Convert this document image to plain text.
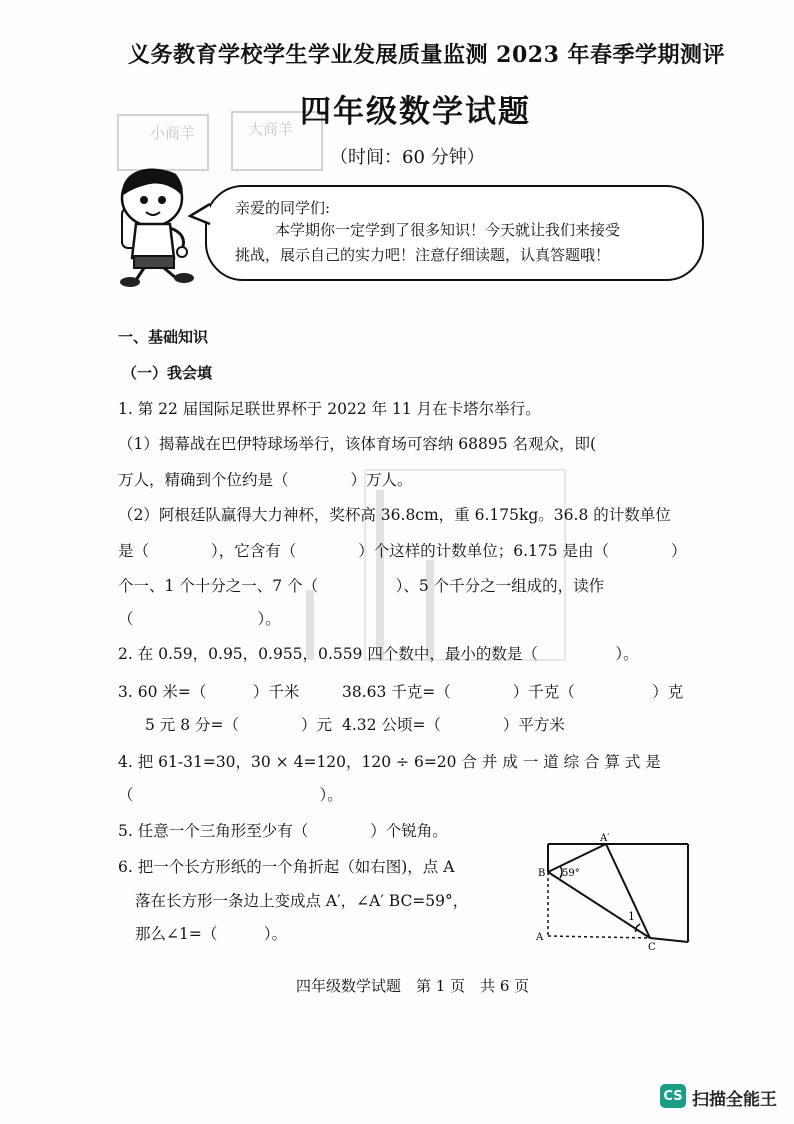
小商羊	大商羊
义务教育学校学生学业发展质量监测 2023 年春季学期测评
四年级数学试题
（时间：60 分钟）
亲爱的同学们:
本学期你一定学到了很多知识！今天就让我们来接受
挑战，展示自己的实力吧！注意仔细读题，认真答题哦！
一、基础知识
（一）我会填
1. 第 22 届国际足联世界杯于 2022 年 11 月在卡塔尔举行。
（1）揭幕战在巴伊特球场举行，该体育场可容纳 68895 名观众，即(
万人，精确到个位约是（　　　　）万人。
（2）阿根廷队赢得大力神杯，奖杯高 36.8cm，重 6.175kg。36.8 的计数单位
是（　　　　），它含有（　　　　）个这样的计数单位；6.175 是由（　　　　）
个一、1 个十分之一、7 个（　　　　　）、5 个千分之一组成的，读作
（　　　　　　　　）。
2. 在 0.59，0.95，0.955，0.559 四个数中，最小的数是（　　　　　）。
3. 60 米=（　　　）千米	38.63 千克=（　　　　）千克（　　　　　）克
5 元 8 分=（　　　　）元 4.32 公顷=（　　　　）平方米
4. 把 61-31=30，30 × 4=120，120 ÷ 6=20 合 并 成 一 道 综 合 算 式 是
（　　　　　　　　　　　　）。
5. 任意一个三角形至少有（　　　　）个锐角。
6. 把一个长方形纸的一个角折起（如右图)，点 A
落在长方形一条边上变成点 A′，∠A′ BC=59°，
那么∠1=（　　　）。
B
A′
59°
1
A
C
四年级数学试题　第 1 页　共 6 页
CS 扫描全能王
